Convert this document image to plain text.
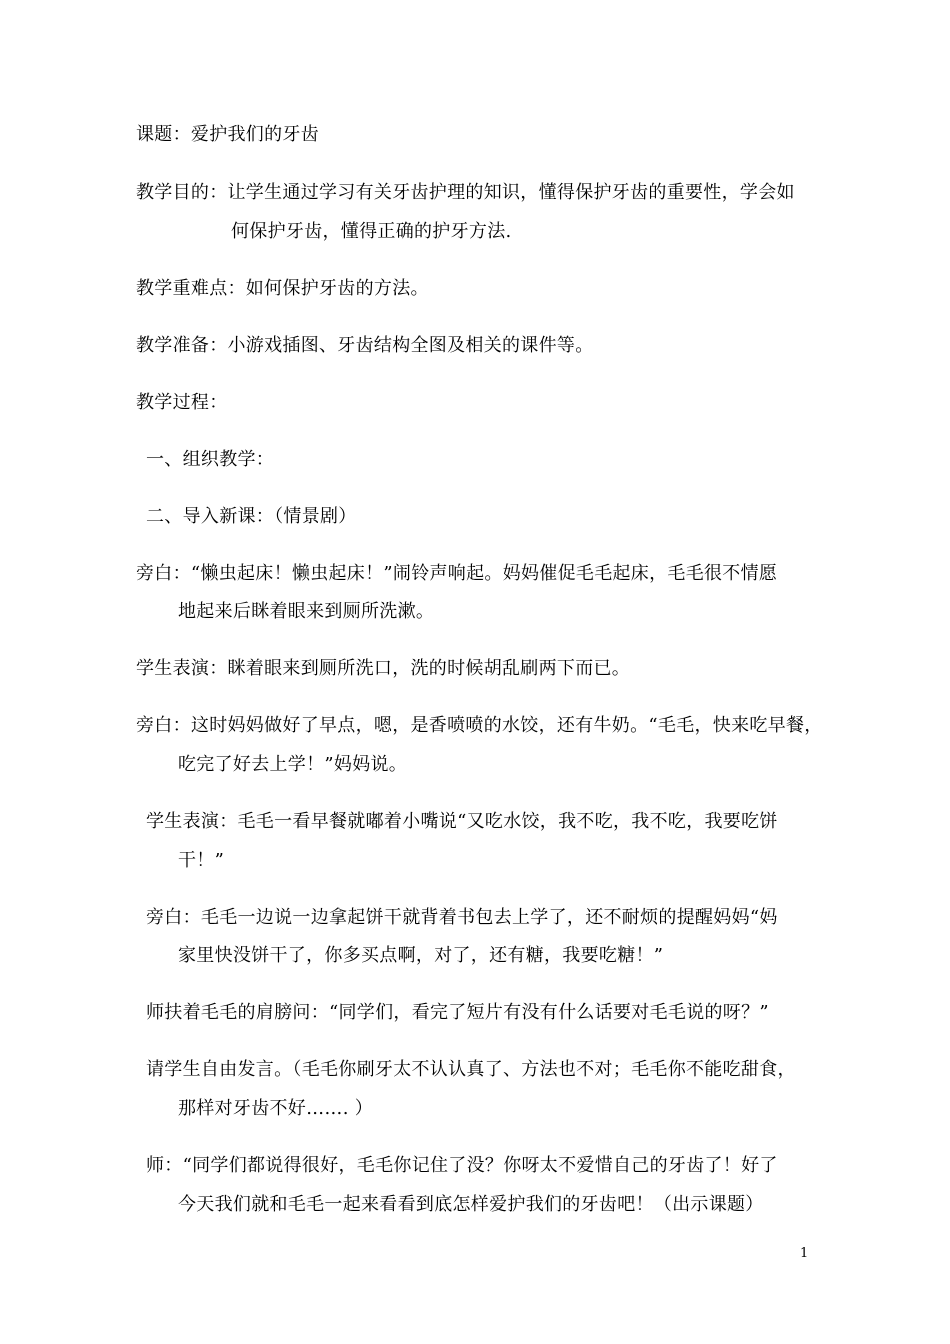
课题：爱护我们的牙齿
教学目的：让学生通过学习有关牙齿护理的知识，懂得保护牙齿的重要性，学会如
何保护牙齿，懂得正确的护牙方法.
教学重难点：如何保护牙齿的方法。
教学准备：小游戏插图、牙齿结构全图及相关的课件等。
教学过程：
一、组织教学：
二、导入新课：（情景剧）
旁白：“懒虫起床！懒虫起床！”闹铃声响起。妈妈催促毛毛起床，毛毛很不情愿
地起来后眯着眼来到厕所洗漱。
学生表演：眯着眼来到厕所洗口，洗的时候胡乱刷两下而已。
旁白：这时妈妈做好了早点，嗯，是香喷喷的水饺，还有牛奶。“毛毛，快来吃早餐，
吃完了好去上学！”妈妈说。
学生表演：毛毛一看早餐就嘟着小嘴说“又吃水饺，我不吃，我不吃，我要吃饼
干！”
旁白：毛毛一边说一边拿起饼干就背着书包去上学了，还不耐烦的提醒妈妈“妈
家里快没饼干了，你多买点啊，对了，还有糖，我要吃糖！”
师扶着毛毛的肩膀问：“同学们，看完了短片有没有什么话要对毛毛说的呀？”
请学生自由发言。（毛毛你刷牙太不认认真了、方法也不对；毛毛你不能吃甜食，
那样对牙齿不好……. ）
师：“同学们都说得很好，毛毛你记住了没？你呀太不爱惜自己的牙齿了！好了
今天我们就和毛毛一起来看看到底怎样爱护我们的牙齿吧！（出示课题）
1
